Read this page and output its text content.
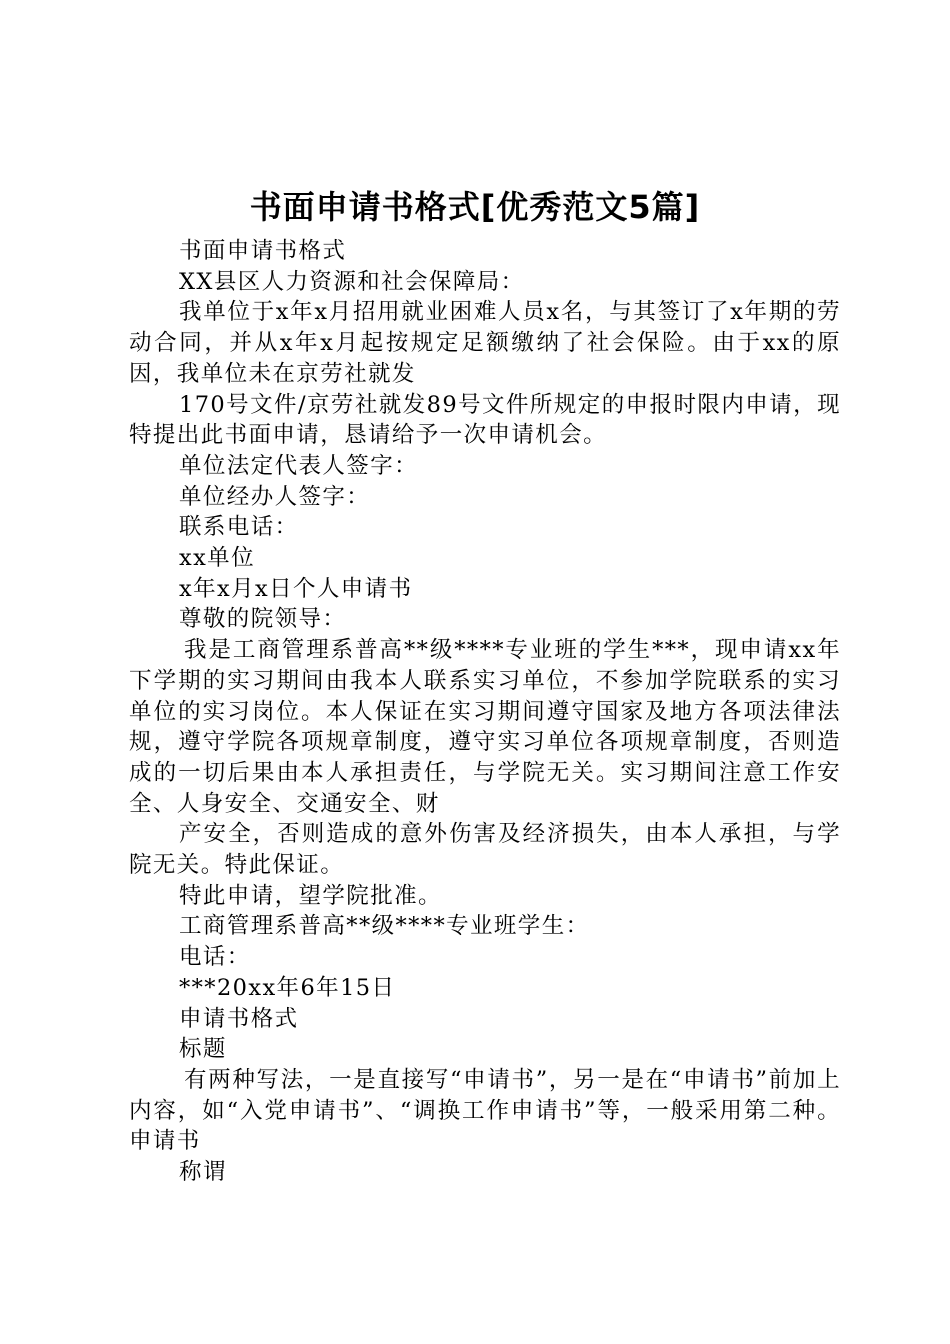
书面申请书格式[优秀范文5篇]

书面申请书格式

XX县区人力资源和社会保障局：

我单位于x年x月招用就业困难人员x名，与其签订了x年期的劳动合同，并从x年x月起按规定足额缴纳了社会保险。由于xx的原因，我单位未在京劳社就发

170号文件/京劳社就发89号文件所规定的申报时限内申请，现特提出此书面申请，恳请给予一次申请机会。

单位法定代表人签字：

单位经办人签字：

联系电话：

xx单位

x年x月x日个人申请书

尊敬的院领导：

我是工商管理系普高**级****专业班的学生***，现申请xx年下学期的实习期间由我本人联系实习单位，不参加学院联系的实习单位的实习岗位。本人保证在实习期间遵守国家及地方各项法律法规，遵守学院各项规章制度，遵守实习单位各项规章制度，否则造成的一切后果由本人承担责任，与学院无关。实习期间注意工作安全、人身安全、交通安全、财

产安全，否则造成的意外伤害及经济损失，由本人承担，与学院无关。特此保证。

特此申请，望学院批准。

工商管理系普高**级****专业班学生：

电话：

***20xx年6年15日

申请书格式

标题

有两种写法，一是直接写“申请书”，另一是在“申请书”前加上内容，如“入党申请书”、“调换工作申请书”等，一般采用第二种。申请书

称谓
